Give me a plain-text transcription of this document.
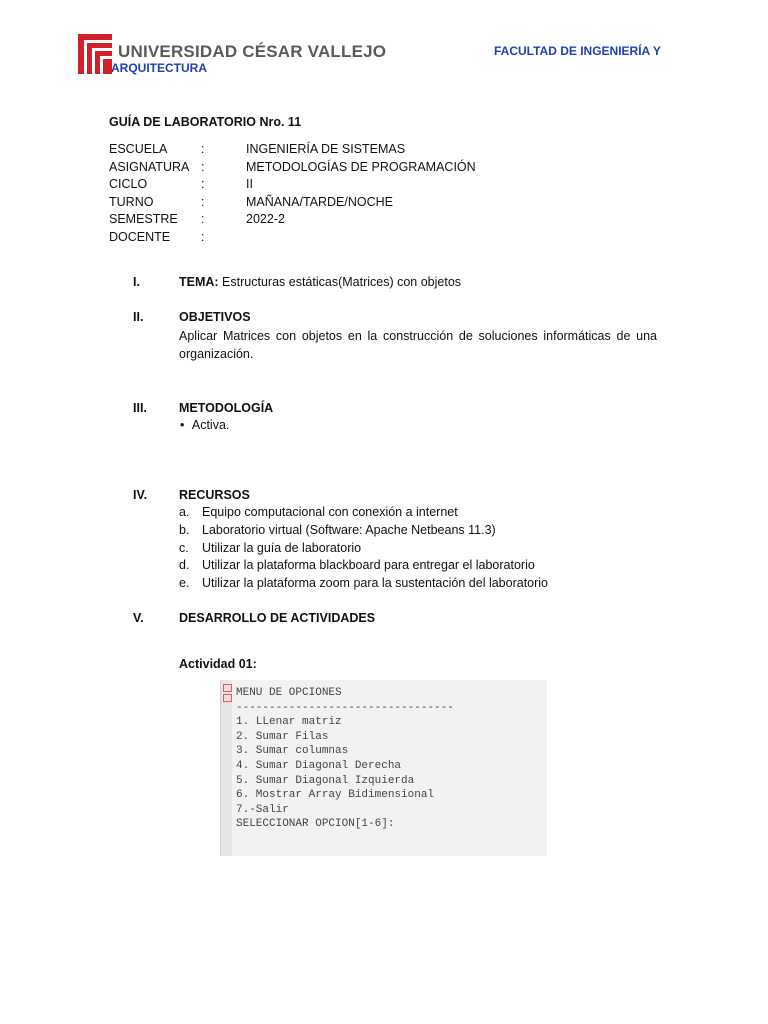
UNIVERSIDAD CÉSAR VALLEJO
ARQUITECTURA
FACULTAD DE INGENIERÍA Y
GUÍA DE LABORATORIO Nro. 11
ESCUELA	:	INGENIERÍA DE SISTEMAS
ASIGNATURA :	METODOLOGÍAS DE PROGRAMACIÓN
CICLO	:	II
TURNO	:	MAÑANA/TARDE/NOCHE
SEMESTRE :	2022-2
DOCENTE :
I.	TEMA: Estructuras estáticas(Matrices) con objetos
II.	OBJETIVOS
Aplicar Matrices con objetos en la construcción de soluciones informáticas de una organización.
III.	METODOLOGÍA
• Activa.
IV.	RECURSOS
a. Equipo computacional con conexión a internet
b. Laboratorio virtual (Software: Apache Netbeans 11.3)
c. Utilizar la guía de laboratorio
d. Utilizar la plataforma blackboard para entregar el laboratorio
e. Utilizar la plataforma zoom para la sustentación del laboratorio
V.	DESARROLLO DE ACTIVIDADES
Actividad 01:
MENU DE OPCIONES
---------------------------------
1. LLenar matriz
2. Sumar Filas
3. Sumar columnas
4. Sumar Diagonal Derecha
5. Sumar Diagonal Izquierda
6. Mostrar Array Bidimensional
7.-Salir
SELECCIONAR OPCION[1-6]:
